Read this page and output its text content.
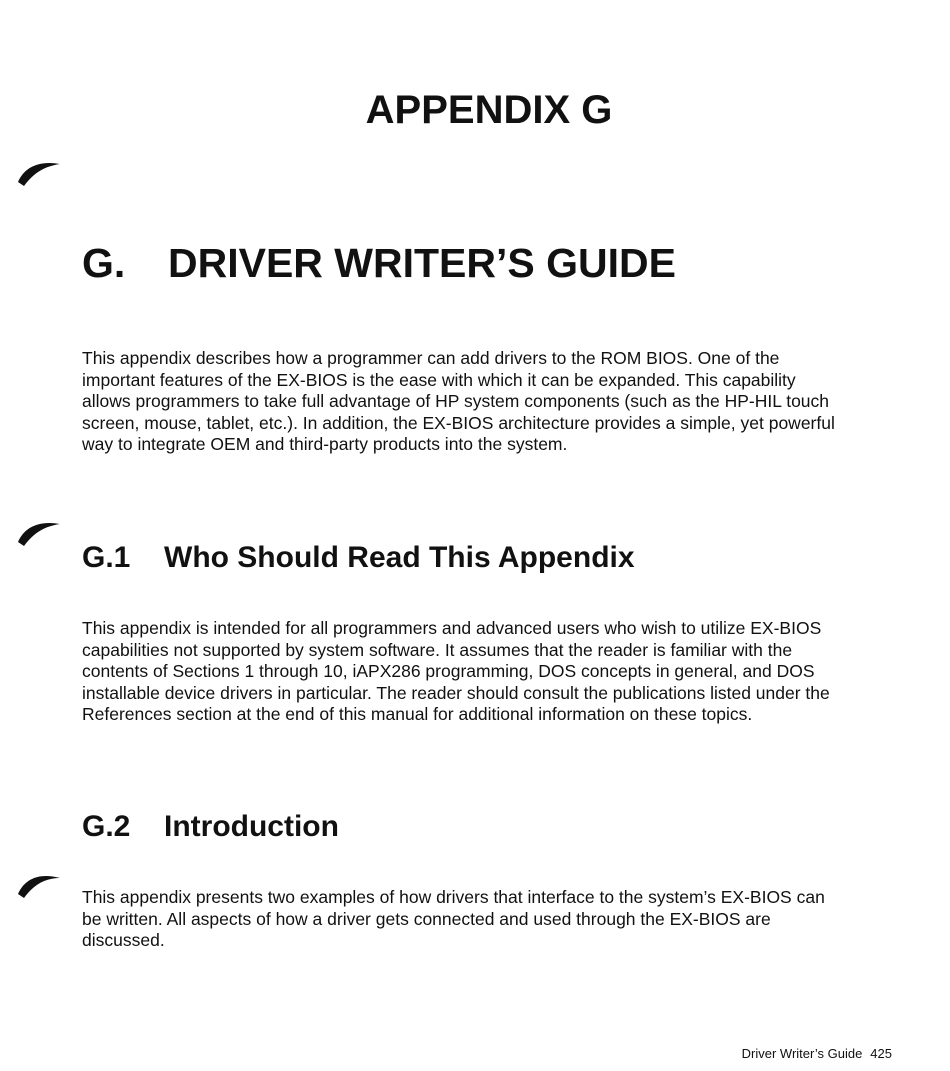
APPENDIX G
G. DRIVER WRITER’S GUIDE
This appendix describes how a programmer can add drivers to the ROM BIOS. One of the
important features of the EX-BIOS is the ease with which it can be expanded. This capability
allows programmers to take full advantage of HP system components (such as the HP-HIL touch
screen, mouse, tablet, etc.). In addition, the EX-BIOS architecture provides a simple, yet powerful
way to integrate OEM and third-party products into the system.
G.1 Who Should Read This Appendix
This appendix is intended for all programmers and advanced users who wish to utilize EX-BIOS
capabilities not supported by system software. It assumes that the reader is familiar with the
contents of Sections 1 through 10, iAPX286 programming, DOS concepts in general, and DOS
installable device drivers in particular. The reader should consult the publications listed under the
References section at the end of this manual for additional information on these topics.
G.2 Introduction
This appendix presents two examples of how drivers that interface to the system’s EX-BIOS can
be written. All aspects of how a driver gets connected and used through the EX-BIOS are
discussed.
Driver Writer’s Guide 425
